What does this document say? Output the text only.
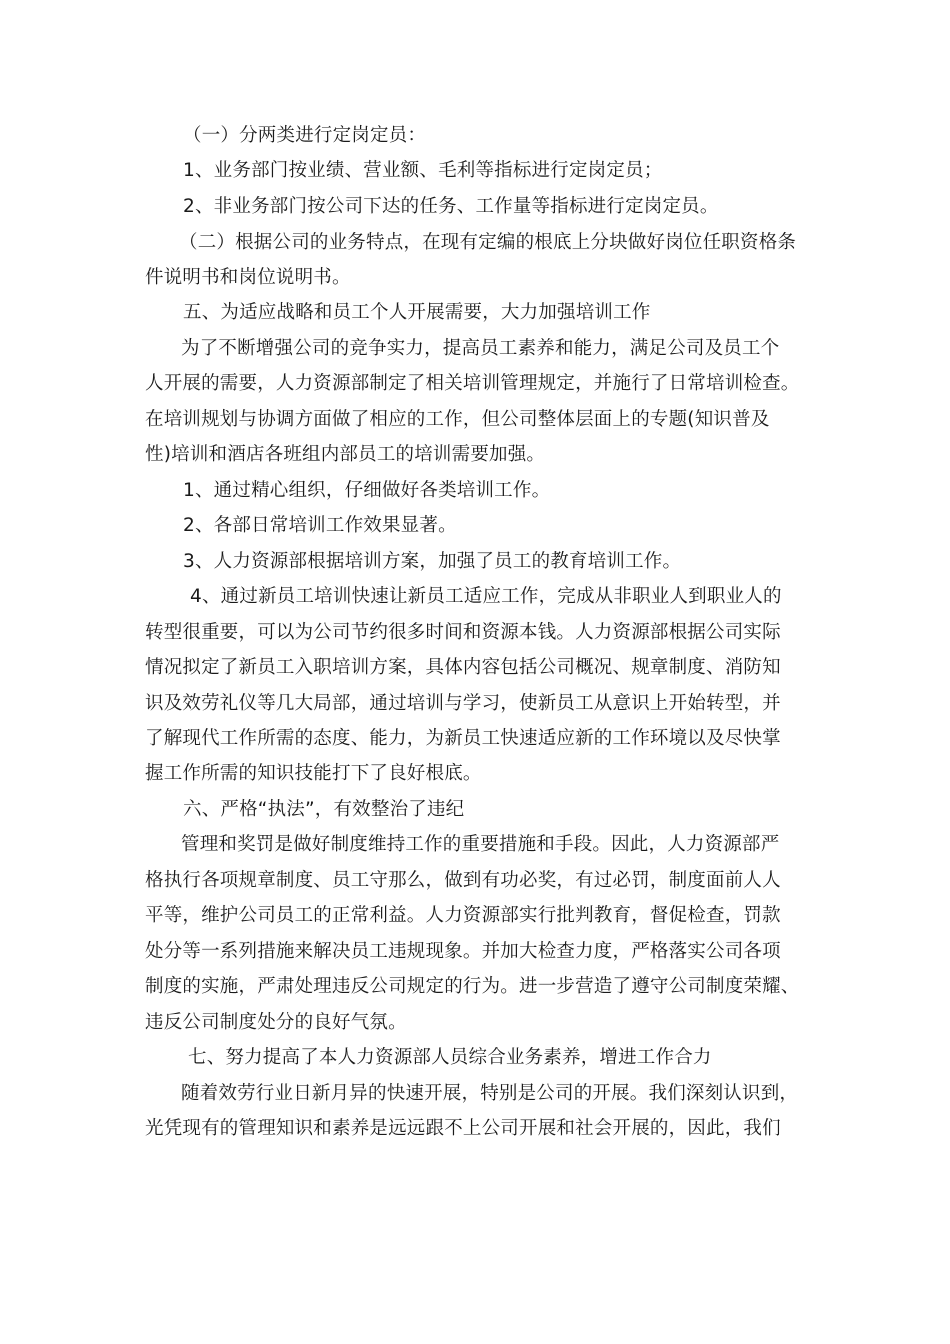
（一）分两类进行定岗定员：
1、业务部门按业绩、营业额、毛利等指标进行定岗定员；
2、非业务部门按公司下达的任务、工作量等指标进行定岗定员。
（二）根据公司的业务特点，在现有定编的根底上分块做好岗位任职资格条
件说明书和岗位说明书。
五、为适应战略和员工个人开展需要，大力加强培训工作
为了不断增强公司的竞争实力，提高员工素养和能力，满足公司及员工个
人开展的需要，人力资源部制定了相关培训管理规定，并施行了日常培训检查。
在培训规划与协调方面做了相应的工作，但公司整体层面上的专题(知识普及
性)培训和酒店各班组内部员工的培训需要加强。
1、通过精心组织，仔细做好各类培训工作。
2、各部日常培训工作效果显著。
3、人力资源部根据培训方案，加强了员工的教育培训工作。
4、通过新员工培训快速让新员工适应工作，完成从非职业人到职业人的
转型很重要，可以为公司节约很多时间和资源本钱。人力资源部根据公司实际
情况拟定了新员工入职培训方案，具体内容包括公司概况、规章制度、消防知
识及效劳礼仪等几大局部，通过培训与学习，使新员工从意识上开始转型，并
了解现代工作所需的态度、能力，为新员工快速适应新的工作环境以及尽快掌
握工作所需的知识技能打下了良好根底。
六、严格“执法”，有效整治了违纪
管理和奖罚是做好制度维持工作的重要措施和手段。因此，人力资源部严
格执行各项规章制度、员工守那么，做到有功必奖，有过必罚，制度面前人人
平等，维护公司员工的正常利益。人力资源部实行批判教育，督促检查，罚款
处分等一系列措施来解决员工违规现象。并加大检查力度，严格落实公司各项
制度的实施，严肃处理违反公司规定的行为。进一步营造了遵守公司制度荣耀、
违反公司制度处分的良好气氛。
七、努力提高了本人力资源部人员综合业务素养，增进工作合力
随着效劳行业日新月异的快速开展，特别是公司的开展。我们深刻认识到，
光凭现有的管理知识和素养是远远跟不上公司开展和社会开展的，因此，我们
